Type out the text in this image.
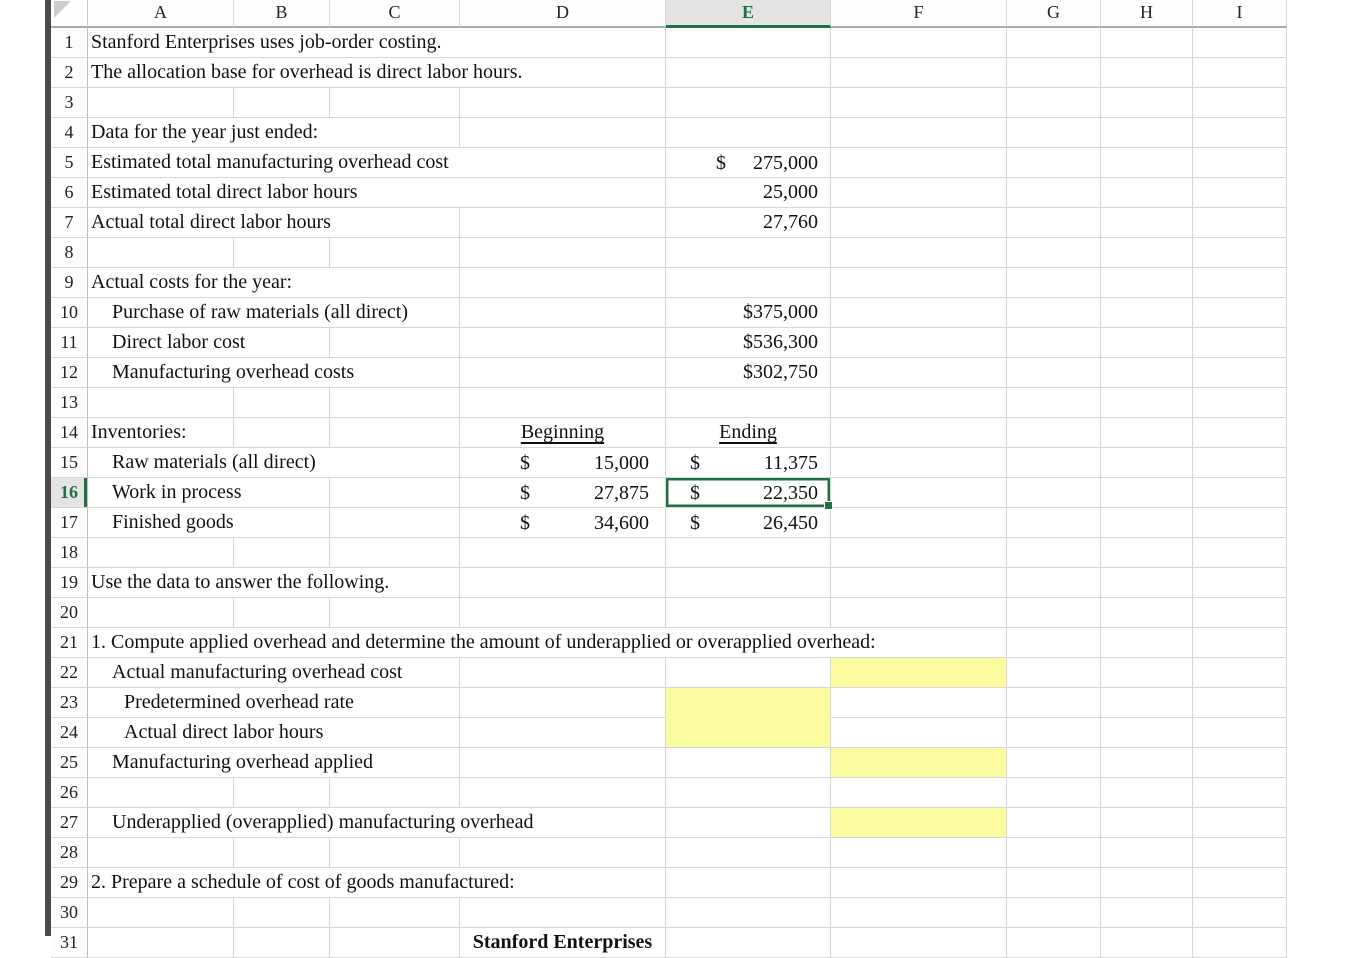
A	B	C	D	E	F	G	H	I
1 Stanford Enterprises uses job-order costing.
2 The allocation base for overhead is direct labor hours.
3
4 Data for the year just ended:
5 Estimated total manufacturing overhead cost	$ 275,000
6 Estimated total direct labor hours	25,000
7 Actual total direct labor hours	27,760
8
9 Actual costs for the year:
10	Purchase of raw materials (all direct)	$375,000
11	Direct labor cost	$536,300
12	Manufacturing overhead costs	$302,750
13
14 Inventories:	Beginning	Ending
15	Raw materials (all direct)	$	15,000 $	11,375
16	Work in process	$	27,875 $	22,350
17	Finished goods	$	34,600 $	26,450
18
19 Use the data to answer the following.
20
21 1. Compute applied overhead and determine the amount of underapplied or overapplied overhead:
22	Actual manufacturing overhead cost
23	Predetermined overhead rate
24	Actual direct labor hours
25	Manufacturing overhead applied
26
27	Underapplied (overapplied) manufacturing overhead
28
29 2. Prepare a schedule of cost of goods manufactured:
30
31	Stanford Enterprises
